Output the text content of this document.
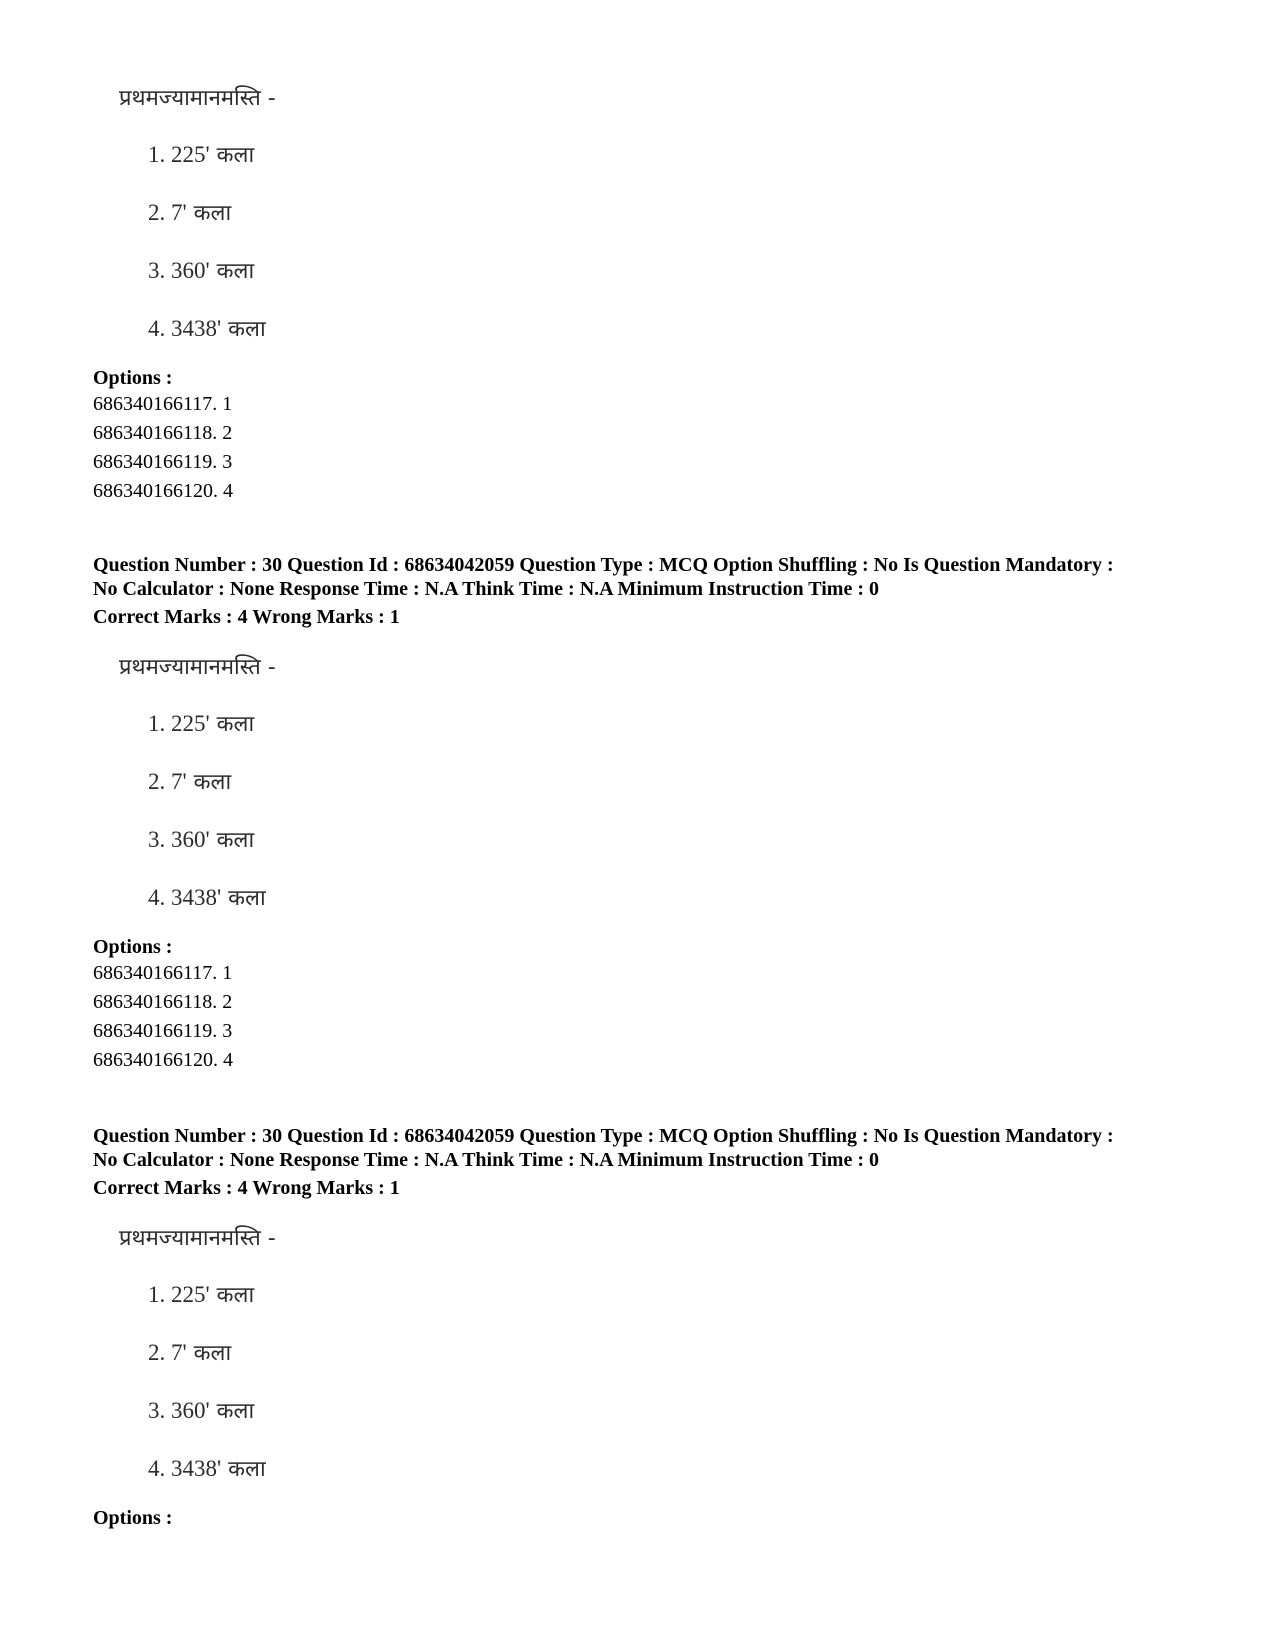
प्रथमज्यामानमस्ति -
1. 225' कला
2. 7' कला
3. 360' कला
4. 3438' कला
Options :
686340166117. 1
686340166118. 2
686340166119. 3
686340166120. 4
Question Number : 30 Question Id : 68634042059 Question Type : MCQ Option Shuffling : No Is Question Mandatory :
No Calculator : None Response Time : N.A Think Time : N.A Minimum Instruction Time : 0
Correct Marks : 4 Wrong Marks : 1
प्रथमज्यामानमस्ति -
1. 225' कला
2. 7' कला
3. 360' कला
4. 3438' कला
Options :
686340166117. 1
686340166118. 2
686340166119. 3
686340166120. 4
Question Number : 30 Question Id : 68634042059 Question Type : MCQ Option Shuffling : No Is Question Mandatory :
No Calculator : None Response Time : N.A Think Time : N.A Minimum Instruction Time : 0
Correct Marks : 4 Wrong Marks : 1
प्रथमज्यामानमस्ति -
1. 225' कला
2. 7' कला
3. 360' कला
4. 3438' कला
Options :
